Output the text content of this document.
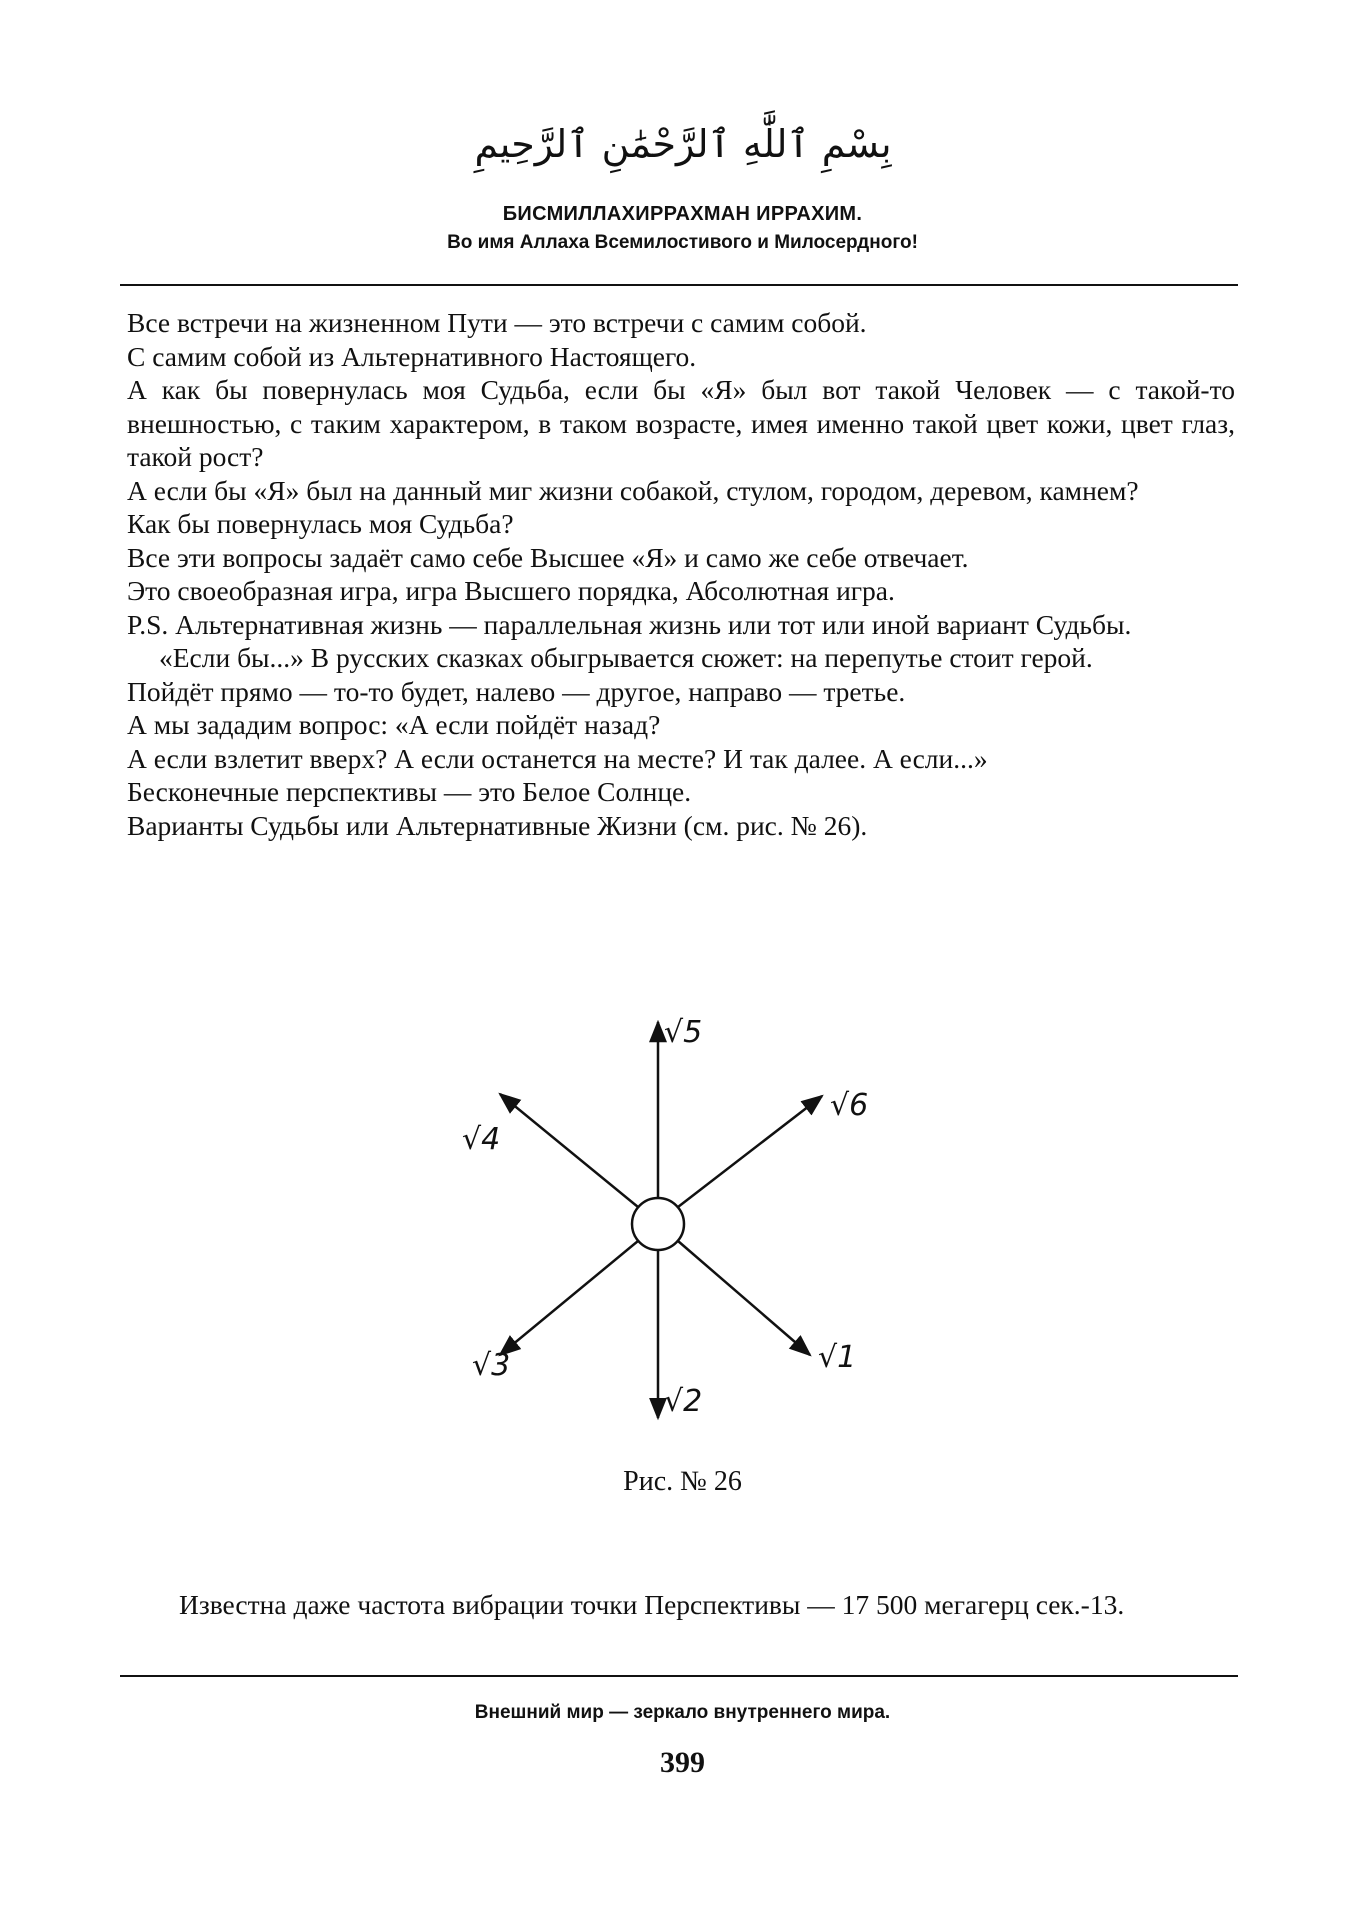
بِسْمِ ٱللَّٰهِ ٱلرَّحْمَٰنِ ٱلرَّحِيمِ
БИСМИЛЛАХИРРАХМАН ИРРАХИМ.
Во имя Аллаха Всемилостивого и Милосердного!

Все встречи на жизненном Пути — это встречи с самим собой.

С самим собой из Альтернативного Настоящего.

А как бы повернулась моя Судьба, если бы «Я» был вот такой Человек — с такой-то внешностью, с таким характером, в таком возрасте, имея именно такой цвет кожи, цвет глаз, такой рост?

А если бы «Я» был на данный миг жизни собакой, стулом, городом, деревом, камнем?

Как бы повернулась моя Судьба?

Все эти вопросы задаёт само себе Высшее «Я» и само же себе отвечает.

Это своеобразная игра, игра Высшего порядка, Абсолютная игра.

P.S. Альтернативная жизнь — параллельная жизнь или тот или иной вариант Судьбы.

«Если бы...» В русских сказках обыгрывается сюжет: на перепутье стоит герой.

Пойдёт прямо — то-то будет, налево — другое, направо — третье.

А мы зададим вопрос: «А если пойдёт назад?

А если взлетит вверх? А если останется на месте? И так далее. А если...»

Бесконечные перспективы — это Белое Солнце.

Варианты Судьбы или Альтернативные Жизни (см. рис. № 26).

√5
√6
√4
√3	√1
√2
Рис. № 26
Известна даже частота вибрации точки Перспективы — 17 500 мегагерц сек.-13.
Внешний мир — зеркало внутреннего мира.
399
